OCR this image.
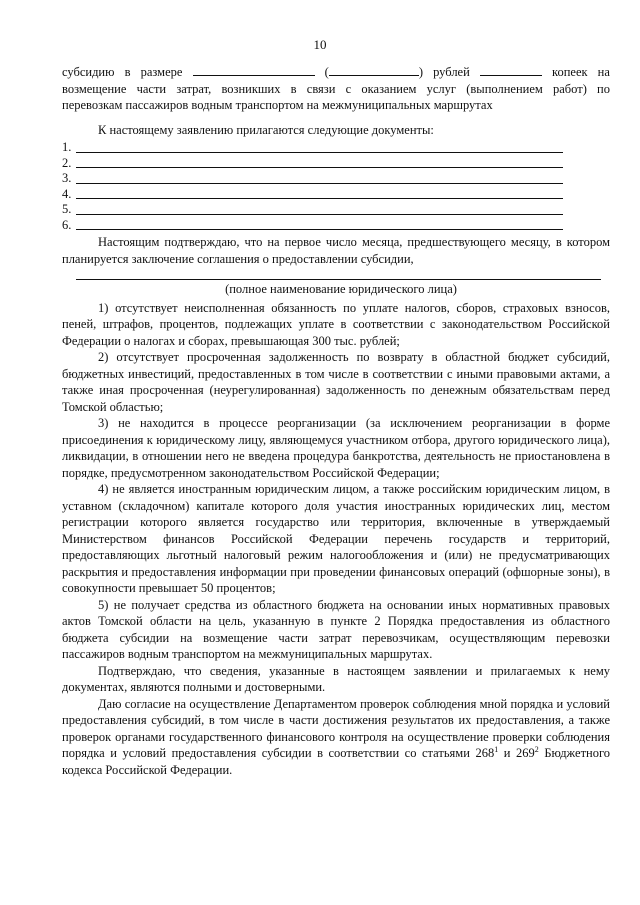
10
субсидию в размере	(	) рублей	копеек на

возмещение части затрат, возникших в связи с оказанием услуг (выполнением работ) по

перевозкам пассажиров водным транспортом на межмуниципальных маршрутах

К настоящему заявлению прилагаются следующие документы:

1.
2.
3.
4.
5.
6.

Настоящим подтверждаю, что на первое число месяца, предшествующего месяцу, в котором планируется заключение соглашения о предоставлении субсидии,

(полное наименование юридического лица)

1) отсутствует неисполненная обязанность по уплате налогов, сборов, страховых взносов, пеней, штрафов, процентов, подлежащих уплате в соответствии с законодательством Российской Федерации о налогах и сборах, превышающая 300 тыс. рублей;

2) отсутствует просроченная задолженность по возврату в областной бюджет субсидий, бюджетных инвестиций, предоставленных в том числе в соответствии с иными правовыми актами, а также иная просроченная (неурегулированная) задолженность по денежным обязательствам перед Томской областью;

3) не находится в процессе реорганизации (за исключением реорганизации в форме присоединения к юридическому лицу, являющемуся участником отбора, другого юридического лица), ликвидации, в отношении него не введена процедура банкротства, деятельность не приостановлена в порядке, предусмотренном законодательством Российской Федерации;

4) не является иностранным юридическим лицом, а также российским юридическим лицом, в уставном (складочном) капитале которого доля участия иностранных юридических лиц, местом регистрации которого является государство или территория, включенные в утверждаемый Министерством финансов Российской Федерации перечень государств и территорий, предоставляющих льготный налоговый режим налогообложения и (или) не предусматривающих раскрытия и предоставления информации при проведении финансовых операций (офшорные зоны), в совокупности превышает 50 процентов;

5) не получает средства из областного бюджета на основании иных нормативных правовых актов Томской области на цель, указанную в пункте 2 Порядка предоставления из областного бюджета субсидии на возмещение части затрат перевозчикам, осуществляющим перевозки пассажиров водным транспортом на межмуниципальных маршрутах.

Подтверждаю, что сведения, указанные в настоящем заявлении и прилагаемых к нему документах, являются полными и достоверными.

Даю согласие на осуществление Департаментом проверок соблюдения мной порядка и условий предоставления субсидий, в том числе в части достижения результатов их предоставления, а также проверок органами государственного финансового контроля на осуществление проверки соблюдения порядка и условий предоставления субсидии в соответствии со статьями $268^1$ и $269^2$ Бюджетного кодекса Российской Федерации.
